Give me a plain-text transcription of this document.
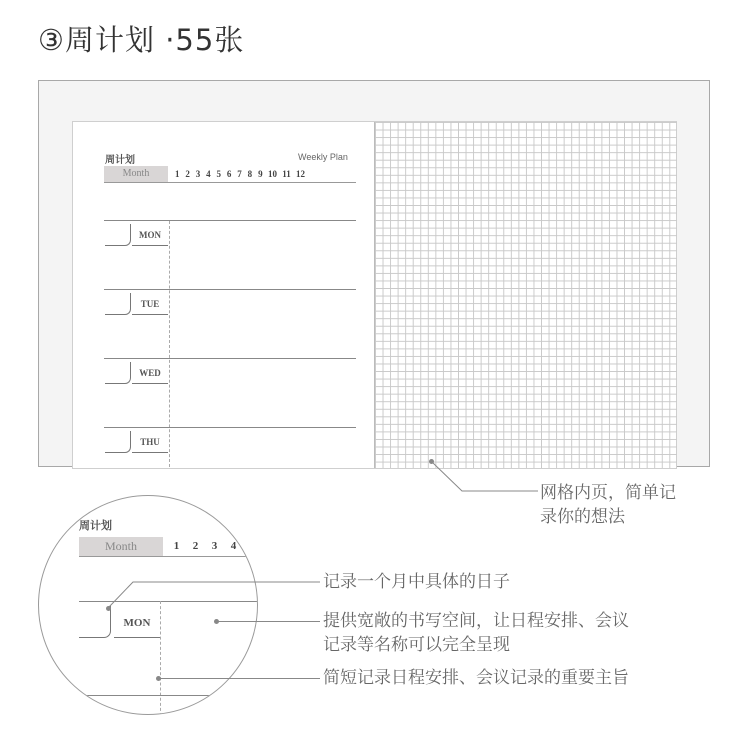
③周计划 ·55张
周计划	Weekly Plan
Month	1 2 3 4 5 6 7 8 9 10 11 12
MON
TUE
WED
THU
网格内页，简单记
录你的想法
周计划
Month	1 2 3 4
MON
记录一个月中具体的日子
提供宽敞的书写空间，让日程安排、会议
记录等名称可以完全呈现
简短记录日程安排、会议记录的重要主旨
